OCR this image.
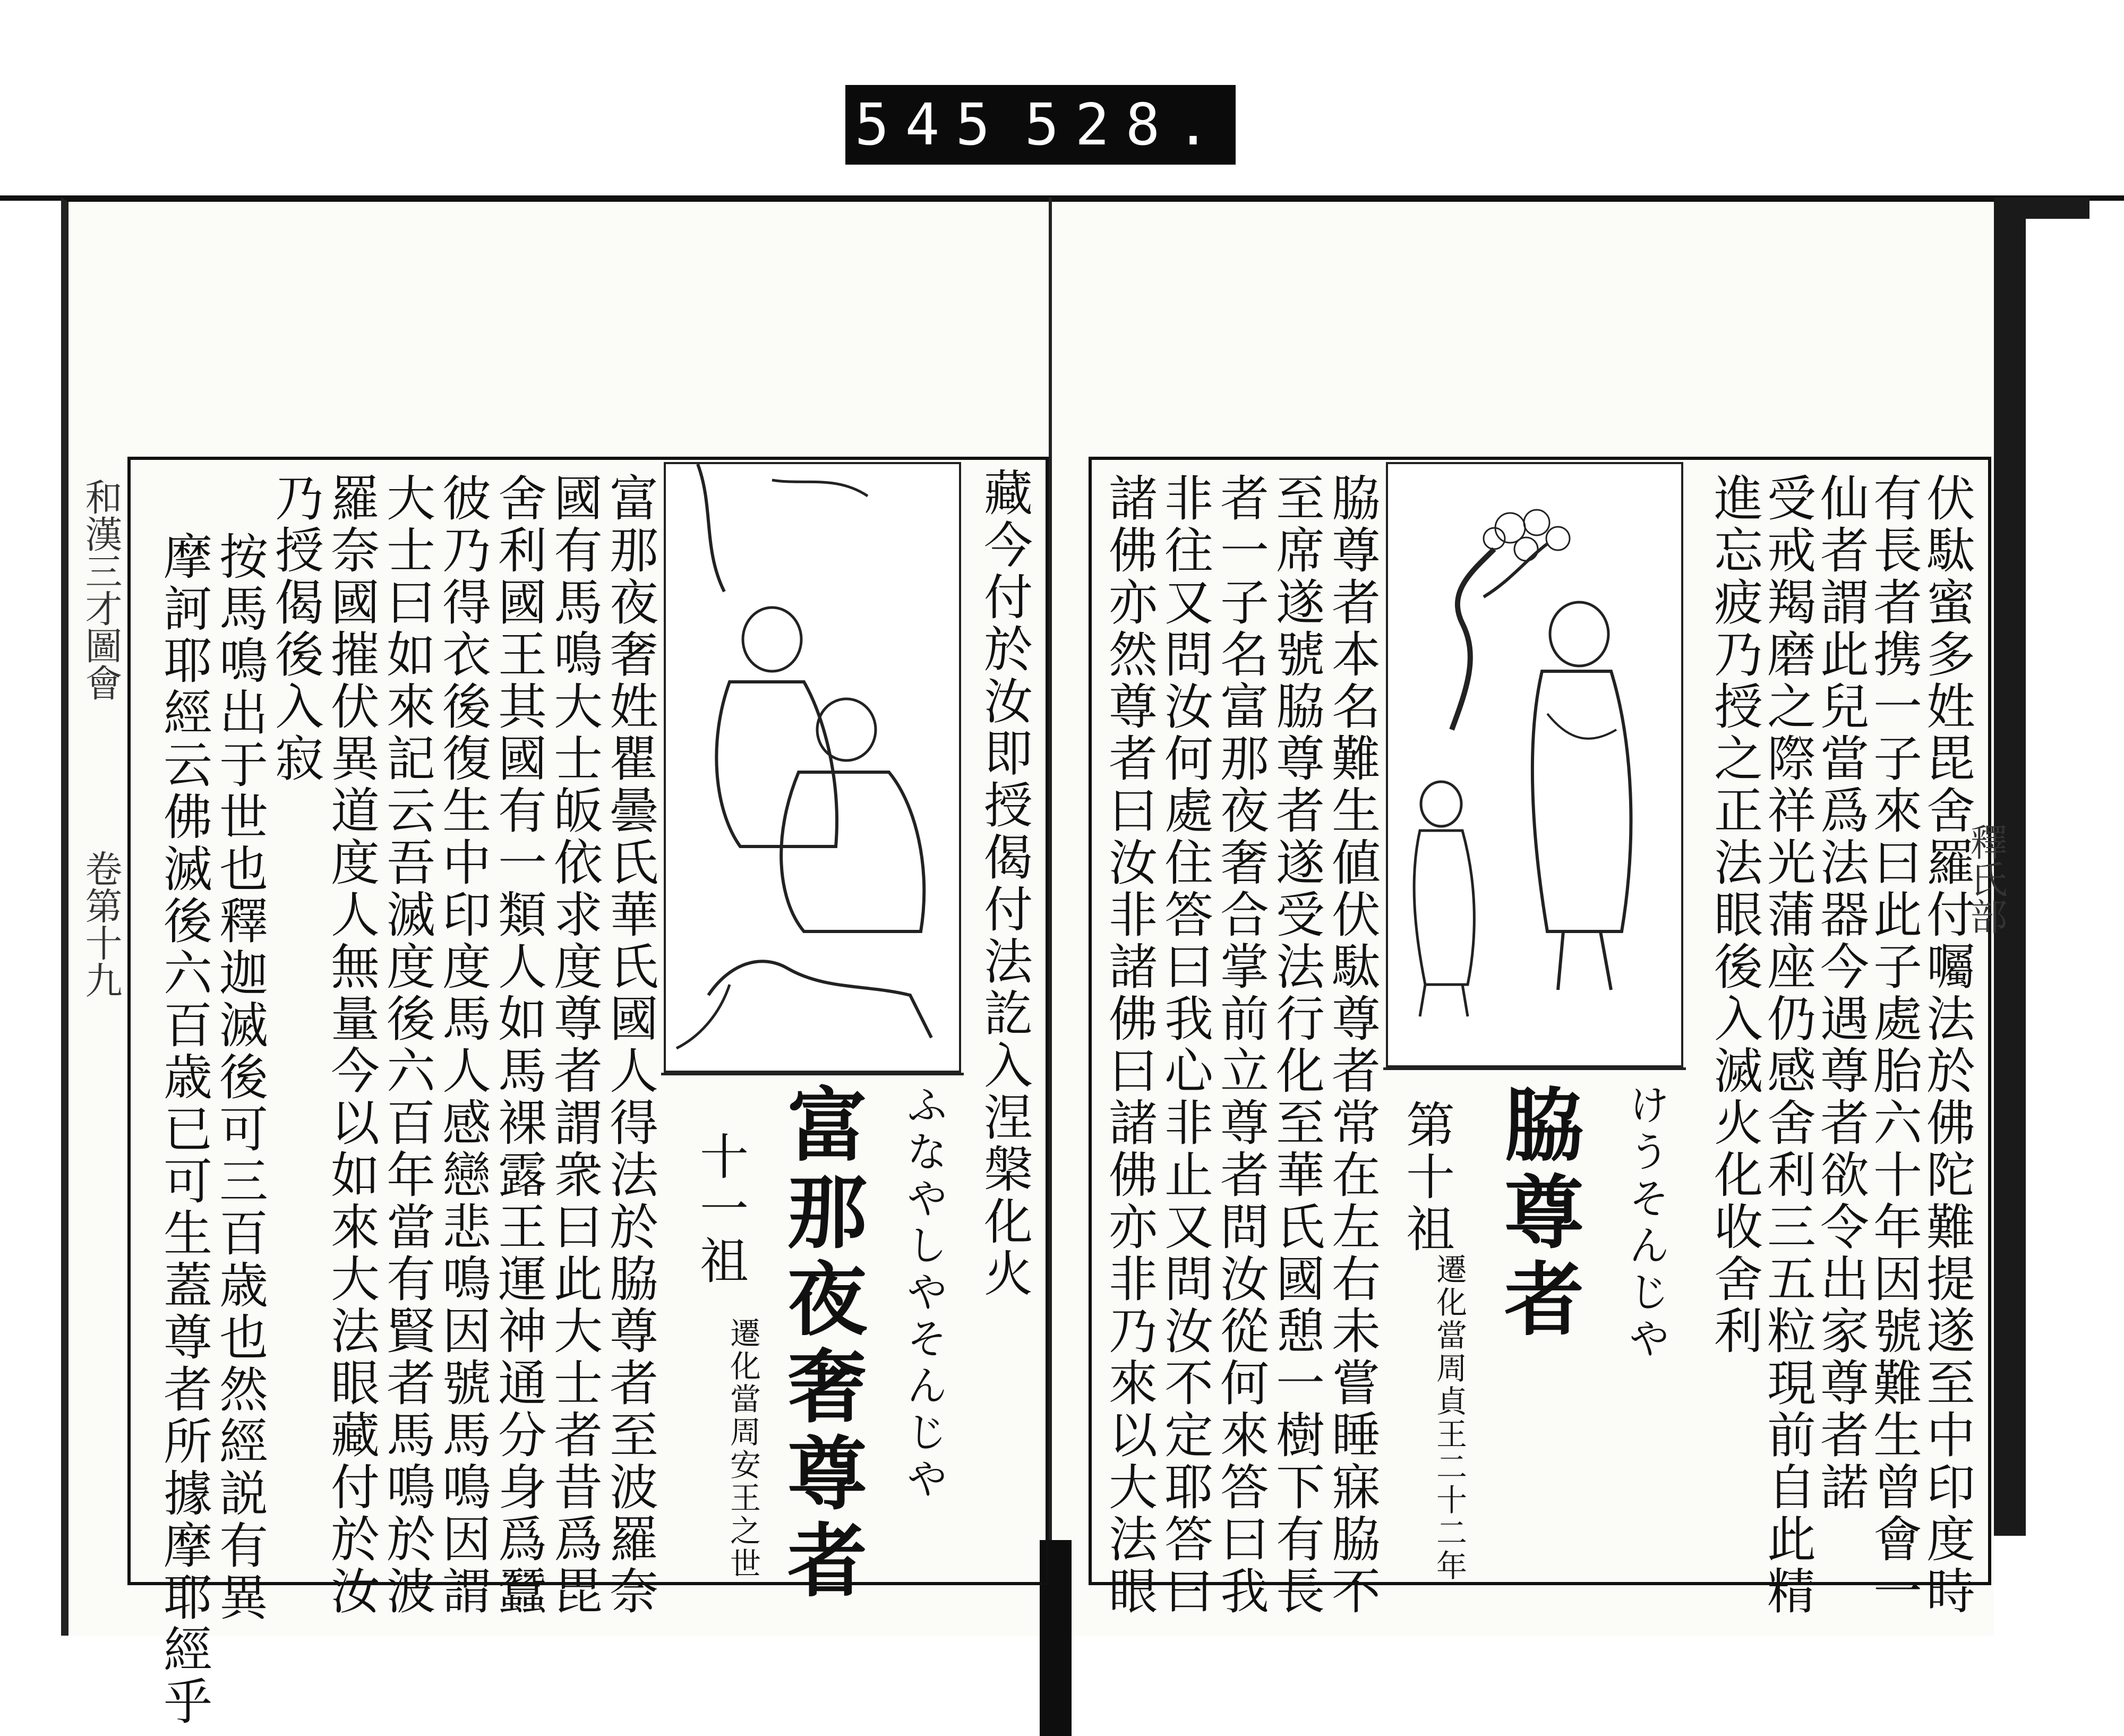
545 528.
和漢三才圖會
卷第十九	釋氏部
伏駄蜜多姓毘舍羅付囑法於佛陀難提遂至中印度時
有長者携一子來曰此子處胎六十年因號難生曾會一
仙者謂此兒當爲法器今遇尊者欲令出家尊者諾
受戒羯磨之際祥光蒲座仍感舍利三五粒現前自此精
進忘疲乃授之正法眼後入滅火化收舍利
けうそんじや
脇尊者
第十祖
遷化當周貞王二十二年
脇尊者本名難生値伏駄尊者常在左右未嘗睡寐脇不
至席遂號脇尊者遂受法行化至華氏國憩一樹下有長
者一子名富那夜奢合掌前立尊者問汝從何來答曰我
非往又問汝何處住答曰我心非止又問汝不定耶答曰
諸佛亦然尊者曰汝非諸佛曰諸佛亦非乃來以大法眼
藏今付於汝即授偈付法訖入涅槃化火
ふなやしやそんじや
富那夜奢尊者
十一祖
遷化當周安王之世
富那夜奢姓瞿曇氏華氏國人得法於脇尊者至波羅奈
國有馬鳴大士皈依求度尊者謂衆曰此大士者昔爲毘
舍利國王其國有一類人如馬裸露王運神通分身爲蠶
彼乃得衣後復生中印度馬人感戀悲鳴因號馬鳴因謂
大士曰如來記云吾滅度後六百年當有賢者馬鳴於波
羅奈國摧伏異道度人無量今以如來大法眼藏付於汝
乃授偈後入寂
按馬鳴出于世也釋迦滅後可三百歳也然經説有異
摩訶耶經云佛滅後六百歳已可生蓋尊者所據摩耶經乎
